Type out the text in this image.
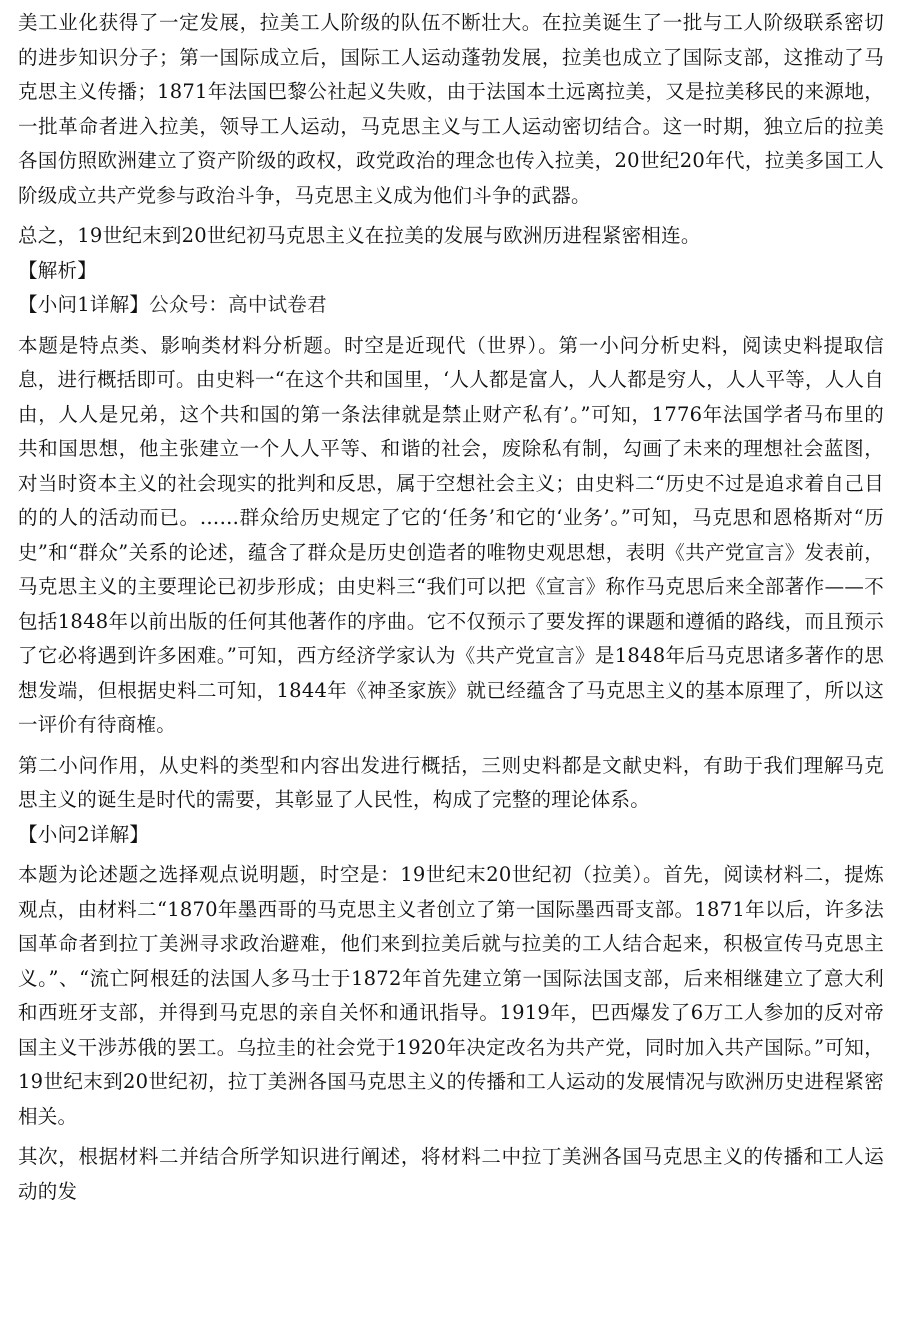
美工业化获得了一定发展，拉美工人阶级的队伍不断壮大。在拉美诞生了一批与工人阶级联系密切的进步知识分子；第一国际成立后，国际工人运动蓬勃发展，拉美也成立了国际支部，这推动了马克思主义传播；1871年法国巴黎公社起义失败，由于法国本土远离拉美，又是拉美移民的来源地，一批革命者进入拉美，领导工人运动，马克思主义与工人运动密切结合。这一时期，独立后的拉美各国仿照欧洲建立了资产阶级的政权，政党政治的理念也传入拉美，20世纪20年代，拉美多国工人阶级成立共产党参与政治斗争，马克思主义成为他们斗争的武器。

总之，19世纪末到20世纪初马克思主义在拉美的发展与欧洲历进程紧密相连。

【解析】

【小问1详解】公众号：高中试卷君

本题是特点类、影响类材料分析题。时空是近现代（世界）。第一小问分析史料，阅读史料提取信息，进行概括即可。由史料一“在这个共和国里，‘人人都是富人，人人都是穷人，人人平等，人人自由，人人是兄弟，这个共和国的第一条法律就是禁止财产私有’。”可知，1776年法国学者马布里的共和国思想，他主张建立一个人人平等、和谐的社会，废除私有制，勾画了未来的理想社会蓝图，对当时资本主义的社会现实的批判和反思，属于空想社会主义；由史料二“历史不过是追求着自己目的的人的活动而已。……群众给历史规定了它的‘任务’和它的‘业务’。”可知，马克思和恩格斯对“历史”和“群众”关系的论述，蕴含了群众是历史创造者的唯物史观思想，表明《共产党宣言》发表前，马克思主义的主要理论已初步形成；由史料三“我们可以把《宣言》称作马克思后来全部著作——不包括1848年以前出版的任何其他著作的序曲。它不仅预示了要发挥的课题和遵循的路线，而且预示了它必将遇到许多困难。”可知，西方经济学家认为《共产党宣言》是1848年后马克思诸多著作的思想发端，但根据史料二可知，1844年《神圣家族》就已经蕴含了马克思主义的基本原理了，所以这一评价有待商榷。

第二小问作用，从史料的类型和内容出发进行概括，三则史料都是文献史料，有助于我们理解马克思主义的诞生是时代的需要，其彰显了人民性，构成了完整的理论体系。

【小问2详解】

本题为论述题之选择观点说明题，时空是：19世纪末20世纪初（拉美）。首先，阅读材料二，提炼观点，由材料二“1870年墨西哥的马克思主义者创立了第一国际墨西哥支部。1871年以后，许多法国革命者到拉丁美洲寻求政治避难，他们来到拉美后就与拉美的工人结合起来，积极宣传马克思主义。”、“流亡阿根廷的法国人多马士于1872年首先建立第一国际法国支部，后来相继建立了意大利和西班牙支部，并得到马克思的亲自关怀和通讯指导。1919年，巴西爆发了6万工人参加的反对帝国主义干涉苏俄的罢工。乌拉圭的社会党于1920年决定改名为共产党，同时加入共产国际。”可知，19世纪末到20世纪初，拉丁美洲各国马克思主义的传播和工人运动的发展情况与欧洲历史进程紧密相关。

其次，根据材料二并结合所学知识进行阐述，将材料二中拉丁美洲各国马克思主义的传播和工人运动的发
